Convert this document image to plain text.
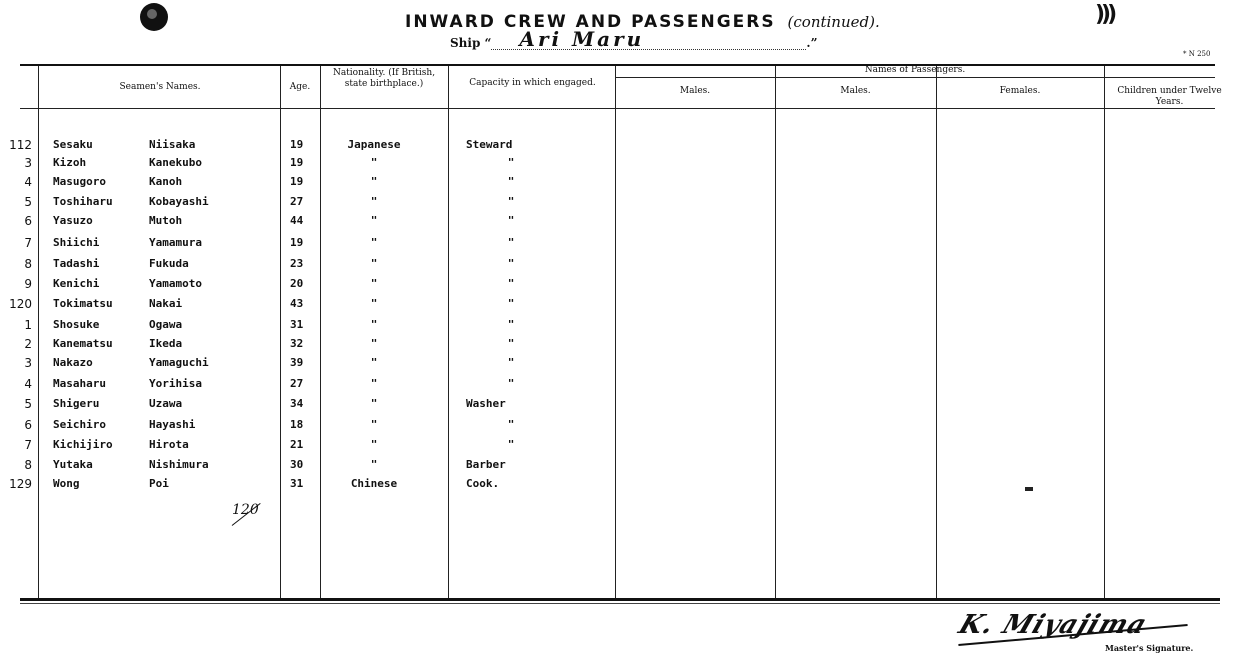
)))
INWARD CREW AND PASSENGERS (continued).
Ship “ Ari Maru	.”
* N 250
Seamen's Names.	Age.
Nationality. (If British, state birthplace.)	Capacity in which engaged.
Names of Passengers.
Males.	Males.	Females.	Children under Twelve Years.
112 Sesaku	Niisaka	19	Japanese	Steward
3 Kizoh	Kanekubo	19	"	"
4 Masugoro	Kanoh	19	"	"
5 Toshiharu	Kobayashi	27	"	"
6 Yasuzo	Mutoh	44	"	"
7 Shiichi	Yamamura	19	"	"
8 Tadashi	Fukuda	23	"	"
9 Kenichi	Yamamoto	20	"	"
120 Tokimatsu	Nakai	43	"	"
1 Shosuke	Ogawa	31	"	"
2 Kanematsu	Ikeda	32	"	"
3 Nakazo	Yamaguchi	39	"	"
4 Masaharu	Yorihisa	27	"	"
5 Shigeru	Uzawa	34	"	Washer
6 Seichiro	Hayashi	18	"	"
7 Kichijiro	Hirota	21	"	"
8 Yutaka	Nishimura	30	"	Barber
129 Wong	Poi	31	Chinese	Cook.
120
K. Miyajima
Master's Signature.
